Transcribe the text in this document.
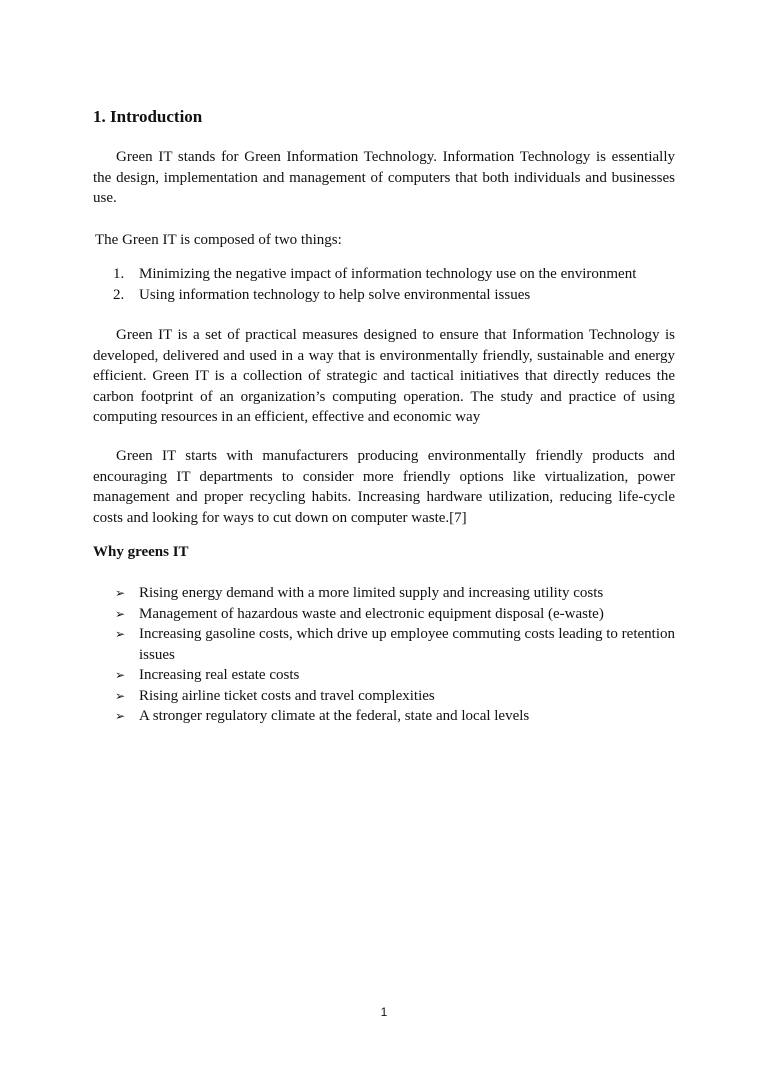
1. Introduction

Green IT stands for Green Information Technology. Information Technology is essentially the design, implementation and management of computers that both individuals and businesses use.

The Green IT is composed of two things:

1. Minimizing the negative impact of information technology use on the environment
2. Using information technology to help solve environmental issues

Green IT is a set of practical measures designed to ensure that Information Technology is developed, delivered and used in a way that is environmentally friendly, sustainable and energy efficient. Green IT is a collection of strategic and tactical initiatives that directly reduces the carbon footprint of an organization’s computing operation. The study and practice of using computing resources in an efficient, effective and economic way

Green IT starts with manufacturers producing environmentally friendly products and encouraging IT departments to consider more friendly options like virtualization, power management and proper recycling habits. Increasing hardware utilization, reducing life-cycle costs and looking for ways to cut down on computer waste.[7]

Why greens IT
➢ Rising energy demand with a more limited supply and increasing utility costs
➢ Management of hazardous waste and electronic equipment disposal (e-waste)
➢ Increasing gasoline costs, which drive up employee commuting costs leading to retention issues
➢ Increasing real estate costs
➢ Rising airline ticket costs and travel complexities
➢ A stronger regulatory climate at the federal, state and local levels
1
